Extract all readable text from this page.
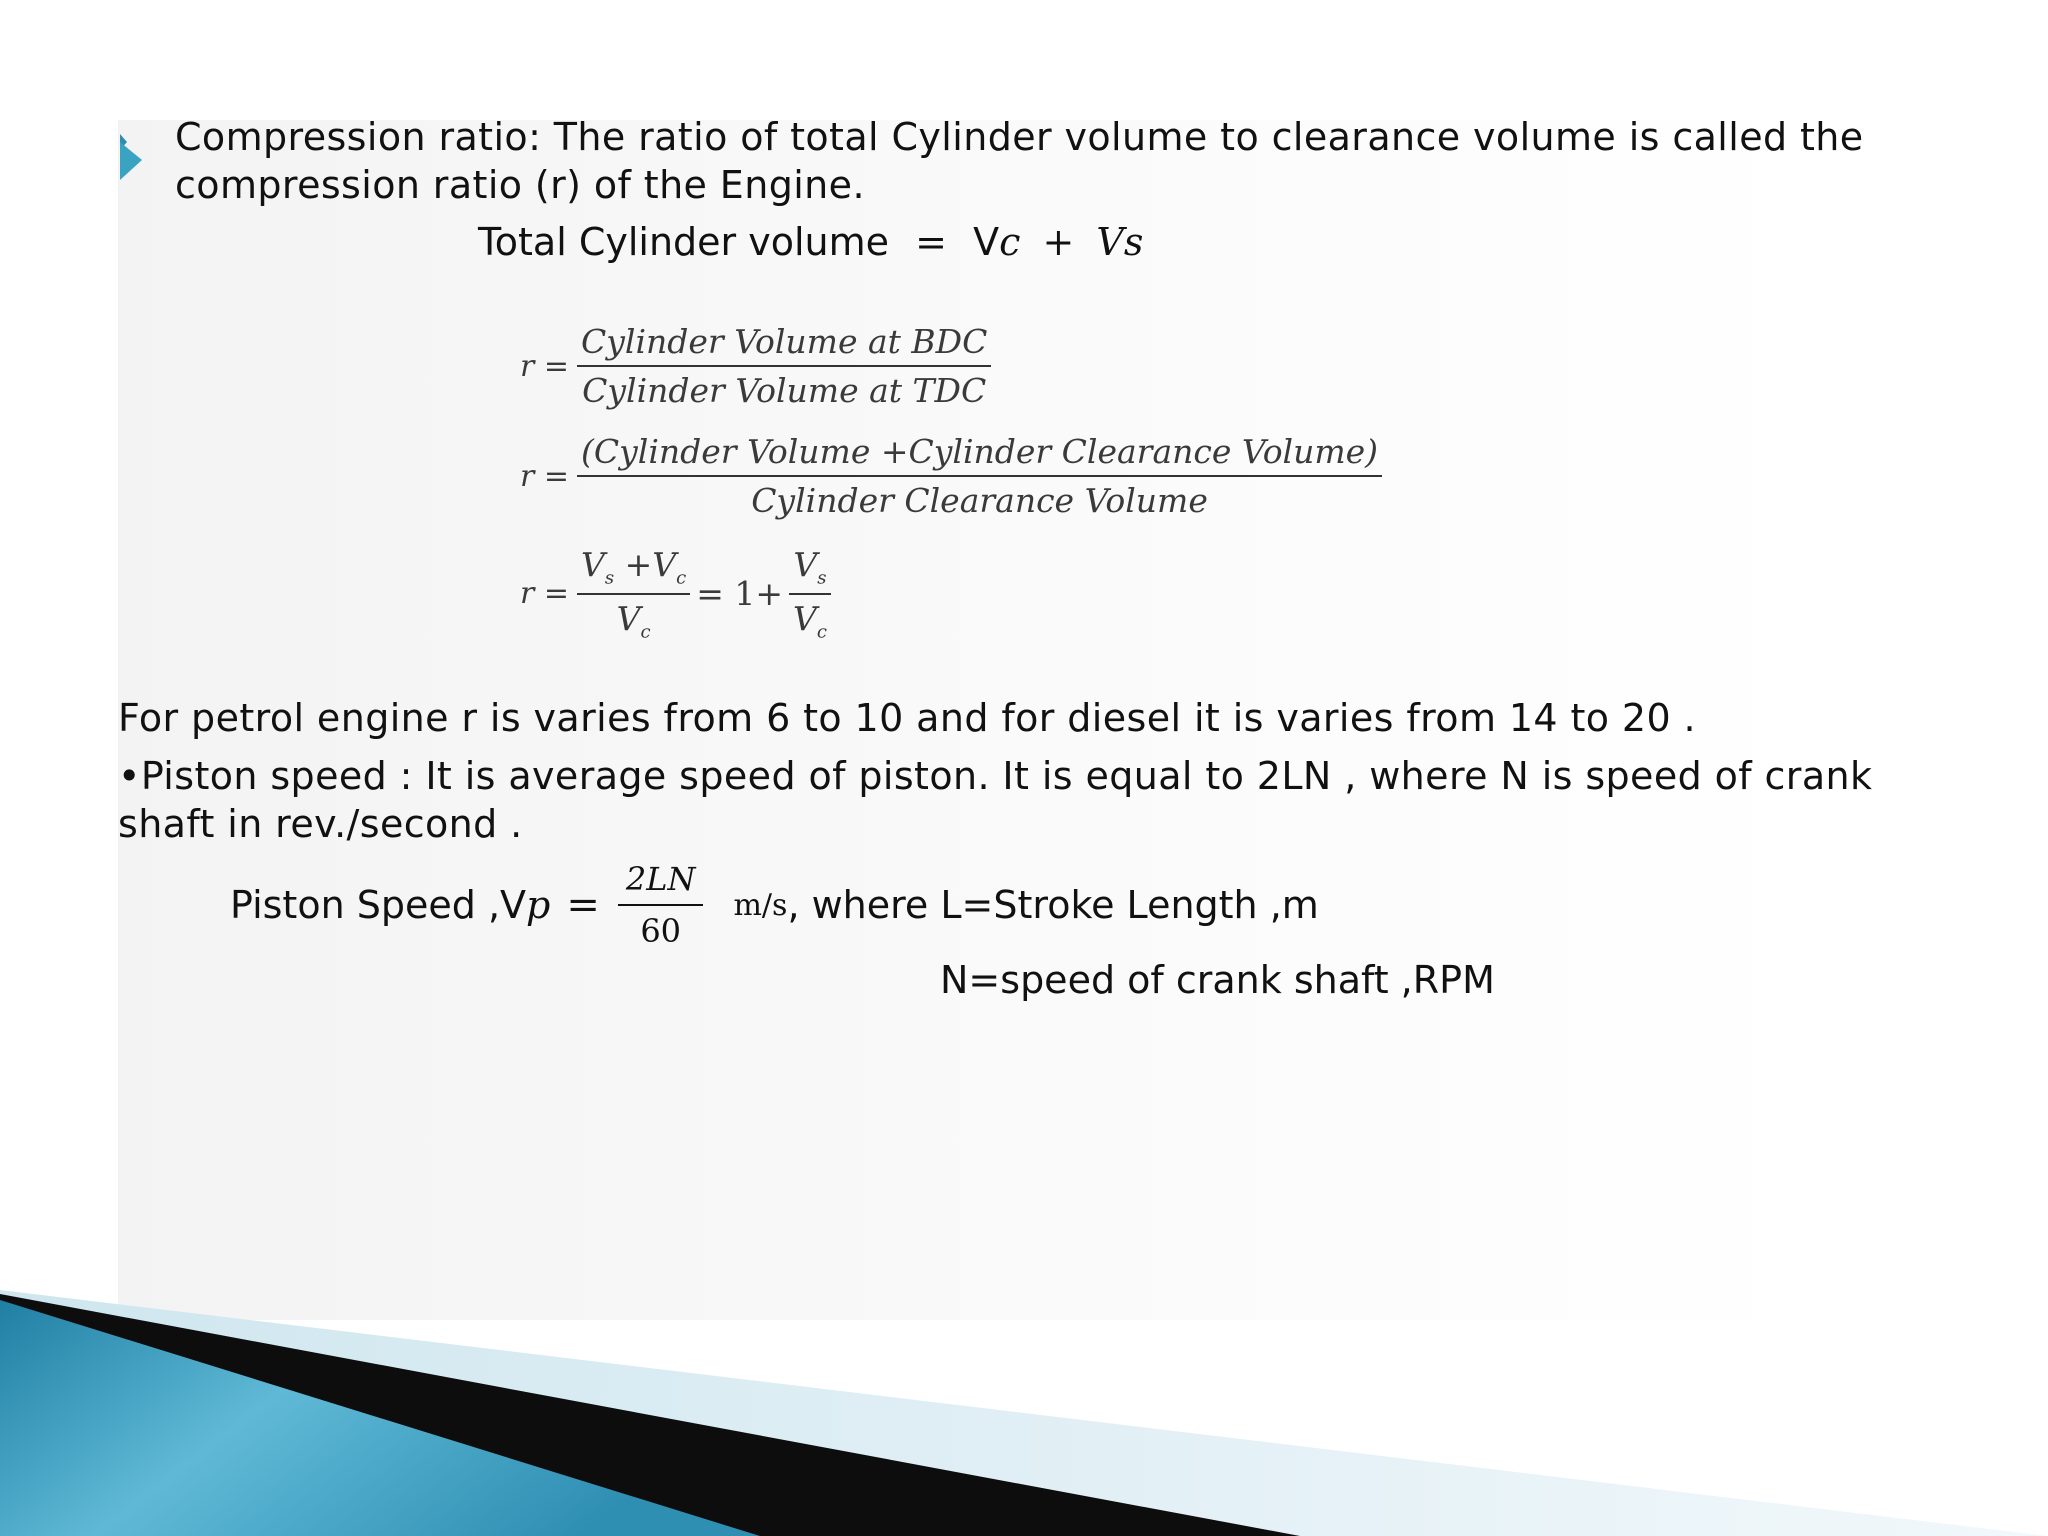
Compression ratio: The ratio of total Cylinder volume to clearance volume is called the

compression ratio (r) of the Engine.

Total Cylinder volume = Vc + Vs
$r = \frac{\text{Cylinder Volume at BDC}}{\text{Cylinder Volume at TDC}}$
$r = \frac{\text{(Cylinder Volume +Cylinder Clearance Volume)}}{\text{Cylinder Clearance Volume}}$
$r = \frac{V_s +V_c}{V_c} = 1+ \frac{V_s}{V_c}$

For petrol engine r is varies from 6 to 10 and for diesel it is varies from 14 to 20 .

•Piston speed : It is average speed of piston. It is equal to 2LN , where N is speed of crank

shaft in rev./second .

Piston Speed ,V $p = \frac{2LN}{60} m/s$ , where L=Stroke Length ,m
N=speed of crank shaft ,RPM
